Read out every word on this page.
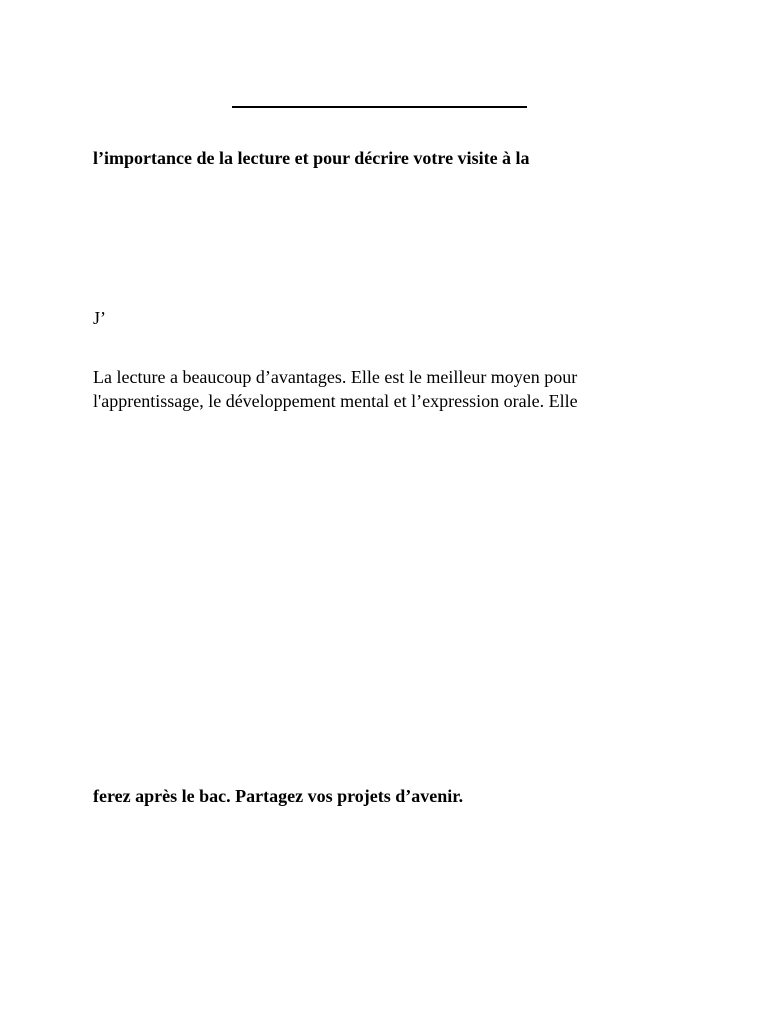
l’importance de la lecture et pour décrire votre visite à la

J’

La lecture a beaucoup d’avantages. Elle est le meilleur moyen pour

l'apprentissage, le développement mental et l’expression orale. Elle

ferez après le bac. Partagez vos projets d’avenir.
